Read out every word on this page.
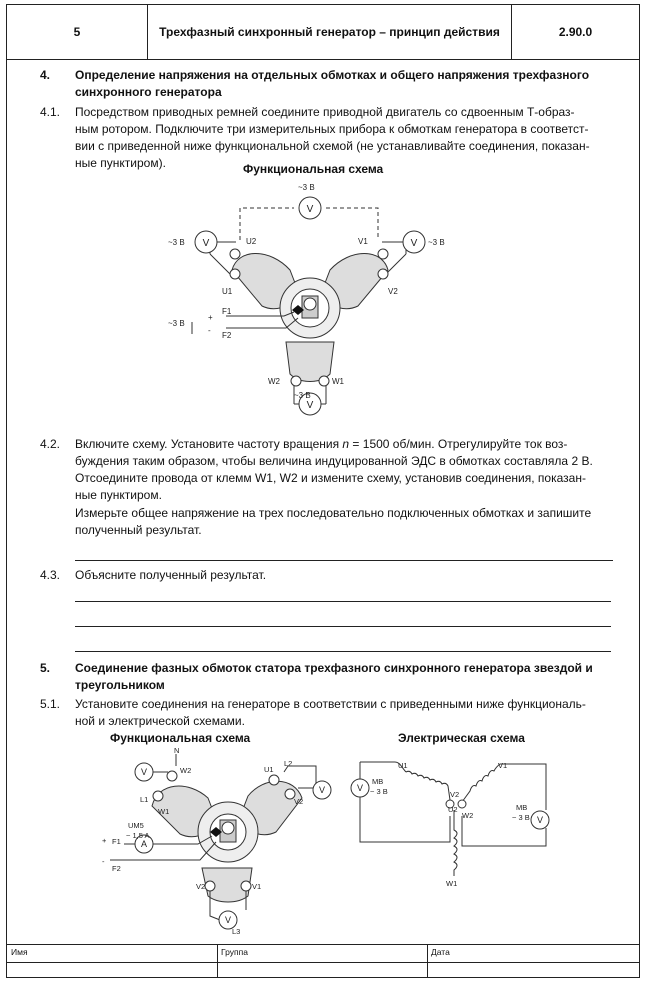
5	Трехфазный синхронный генератор – принцип действия	2.90.0
4. Определение напряжения на отдельных обмотках и общего напряжения трехфазного
синхронного генератора
4.1. Посредством приводных ремней соедините приводной двигатель со сдвоенным Т-образ-
ным ротором. Подключите три измерительных прибора к обмоткам генератора в соответст-
вии с приведенной ниже функциональной схемой (не устанавливайте соединения, показан-
ные пунктиром).	Функциональная схема
V
V	V
V
~3 В
~3 В	~3 В
~3 В
~3 В
U2
U1
V1
V2
W2	W1
F1
F2
+
-
4.2. Включите схему. Установите частоту вращения n = 1500 об/мин. Отрегулируйте ток воз-
буждения таким образом, чтобы величина индуцированной ЭДС в обмотках составляла 2 В.
Отсоедините провода от клемм W1, W2 и измените схему, установив соединения, показан-
ные пунктиром.
Измерьте общее напряжение на трех последовательно подключенных обмотках и запишите
полученный результат.
4.3. Объясните полученный результат.
5. Соединение фазных обмоток статора трехфазного синхронного генератора звездой и
треугольником
5.1. Установите соединения на генераторе в соответствии с приведенными ниже функциональ-
ной и электрической схемами.
Функциональная схема	Электрическая схема
V
V
A
V
N
W2
L1
W1
U1
L2
V2
UM5
~ 1,5 A
F1
F2
+
-
V2	V1
L3
V
V
MB
~ 3 В
U1	V1
V2
U2
W2
W1
MB
~ 3 В
Имя	Группа	Дата
